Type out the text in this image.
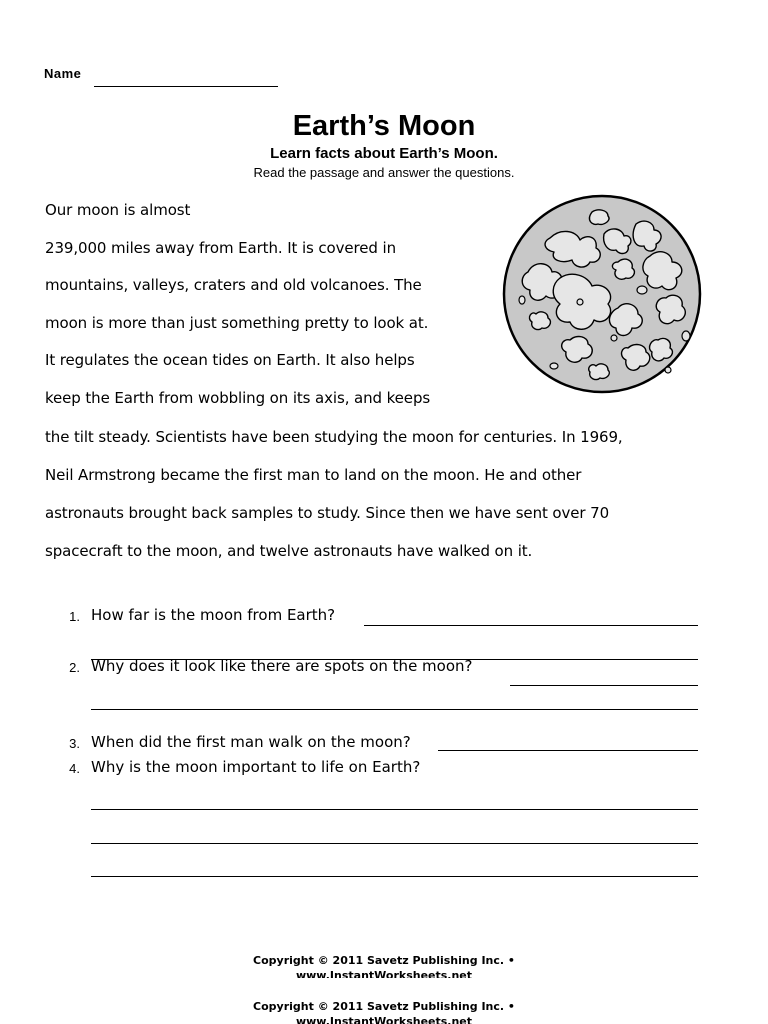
Name
Earth’s Moon
Learn facts about Earth’s Moon.
Read the passage and answer the questions.
Our moon is almost
239,000 miles away from Earth. It is covered in
mountains, valleys, craters and old volcanoes. The
moon is more than just something pretty to look at.
It regulates the ocean tides on Earth. It also helps
keep the Earth from wobbling on its axis, and keeps
the tilt steady. Scientists have been studying the moon for centuries. In 1969,
Neil Armstrong became the first man to land on the moon. He and other
astronauts brought back samples to study. Since then we have sent over 70
spacecraft to the moon, and twelve astronauts have walked on it.
1. How far is the moon from Earth?
2. Why does it look like there are spots on the moon?
3. When did the first man walk on the moon?
4. Why is the moon important to life on Earth?
Copyright © 2011 Savetz Publishing Inc. •
www.InstantWorksheets.net
Copyright © 2011 Savetz Publishing Inc. •
www.InstantWorksheets.net
